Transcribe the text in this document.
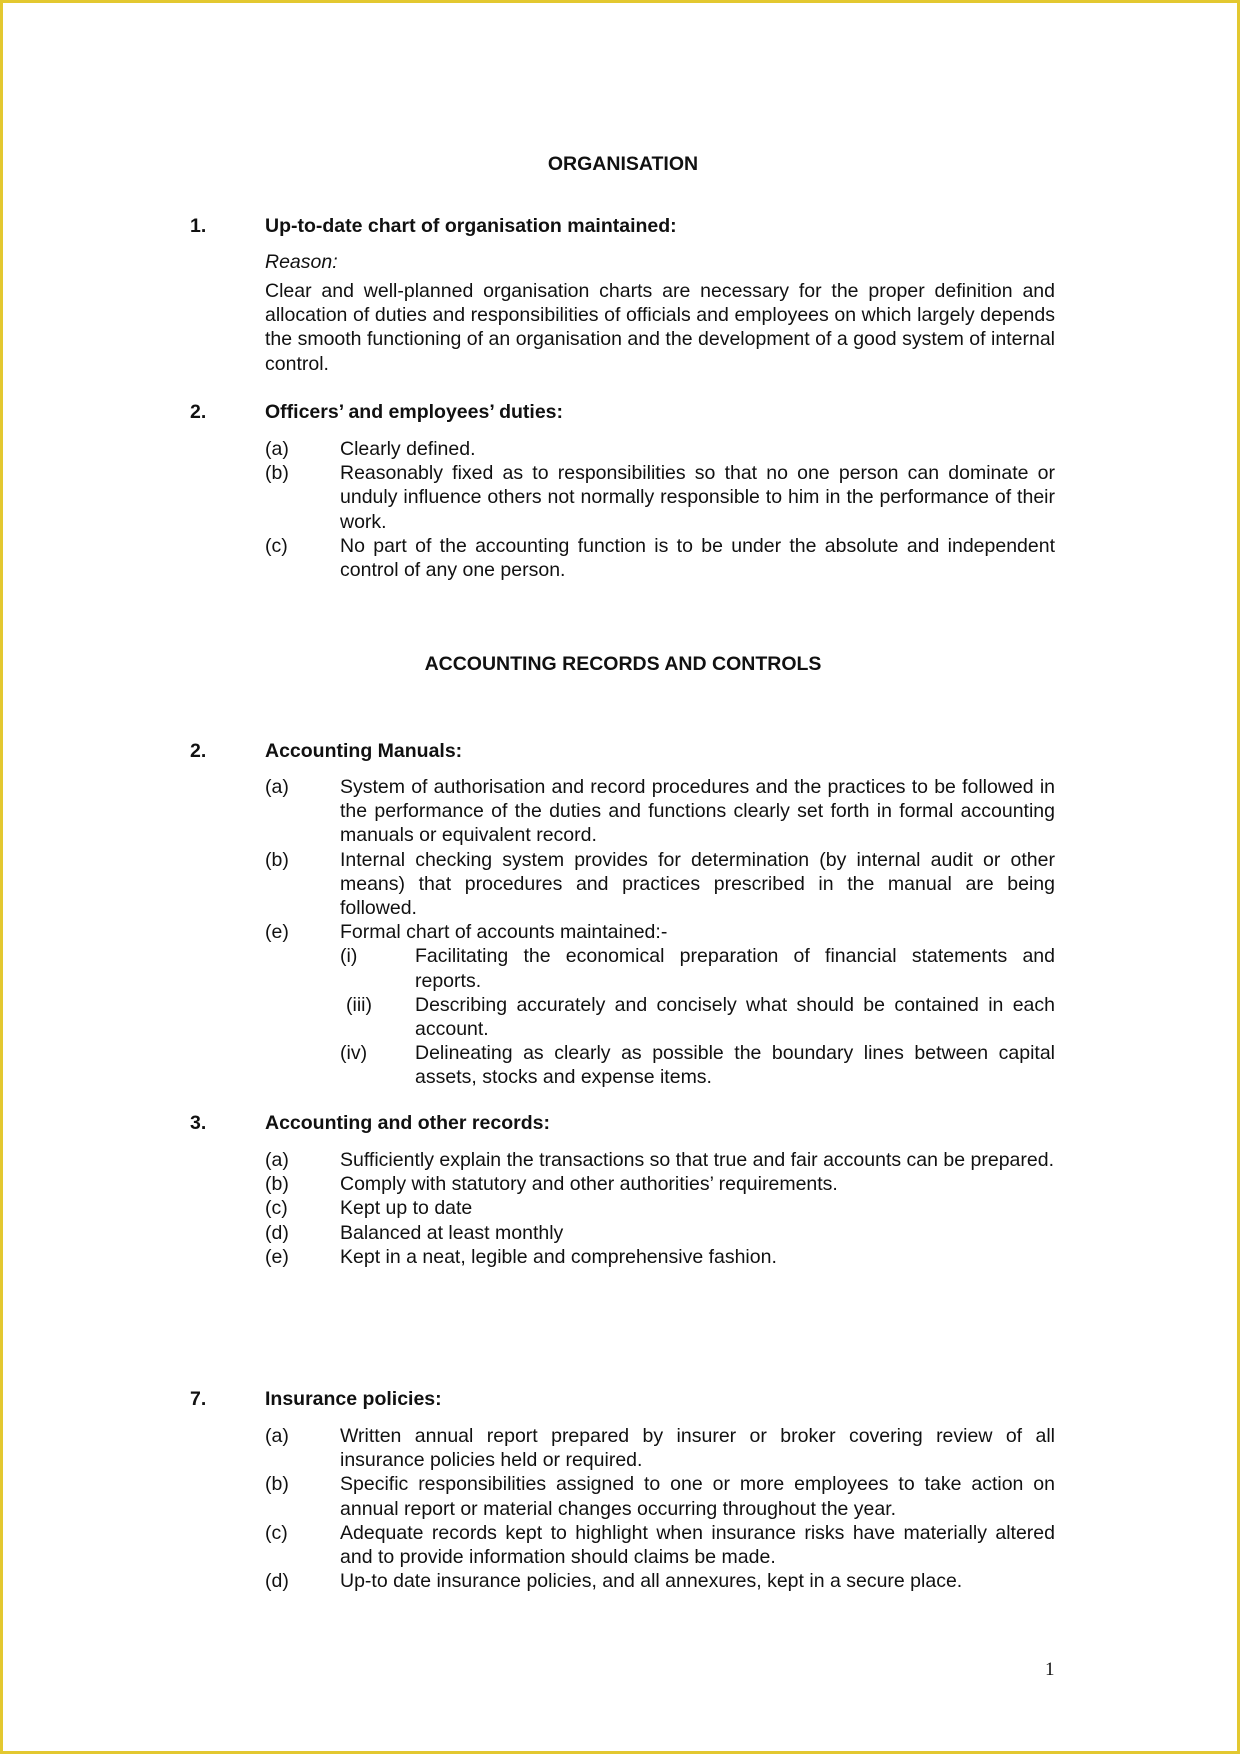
ORGANISATION
1.	Up-to-date chart of organisation maintained:
Reason:

Clear and well-planned organisation charts are necessary for the proper definition and allocation of duties and responsibilities of officials and employees on which largely depends the smooth functioning of an organisation and the development of a good system of internal control.

2.	Officers’ and employees’ duties:
(a)	Clearly defined.
(b)	Reasonably fixed as to responsibilities so that no one person can dominate or unduly influence others not normally responsible to him in the performance of their work.
(c)	No part of the accounting function is to be under the absolute and independent control of any one person.
ACCOUNTING RECORDS AND CONTROLS
2.	Accounting Manuals:
(a)	System of authorisation and record procedures and the practices to be followed in the performance of the duties and functions clearly set forth in formal accounting manuals or equivalent record.
(b)	Internal checking system provides for determination (by internal audit or other means) that procedures and practices prescribed in the manual are being followed.
(e)	Formal chart of accounts maintained:-
(i)	Facilitating the economical preparation of financial statements and reports.
(iii)	Describing accurately and concisely what should be contained in each account.
(iv)	Delineating as clearly as possible the boundary lines between capital assets, stocks and expense items.
3.	Accounting and other records:
(a)	Sufficiently explain the transactions so that true and fair accounts can be prepared.
(b)	Comply with statutory and other authorities’ requirements.
(c)	Kept up to date
(d)	Balanced at least monthly
(e)	Kept in a neat, legible and comprehensive fashion.
7.	Insurance policies:
(a)	Written annual report prepared by insurer or broker covering review of all insurance policies held or required.
(b)	Specific responsibilities assigned to one or more employees to take action on annual report or material changes occurring throughout the year.
(c)	Adequate records kept to highlight when insurance risks have materially altered and to provide information should claims be made.
(d)	Up-to date insurance policies, and all annexures, kept in a secure place.
1
